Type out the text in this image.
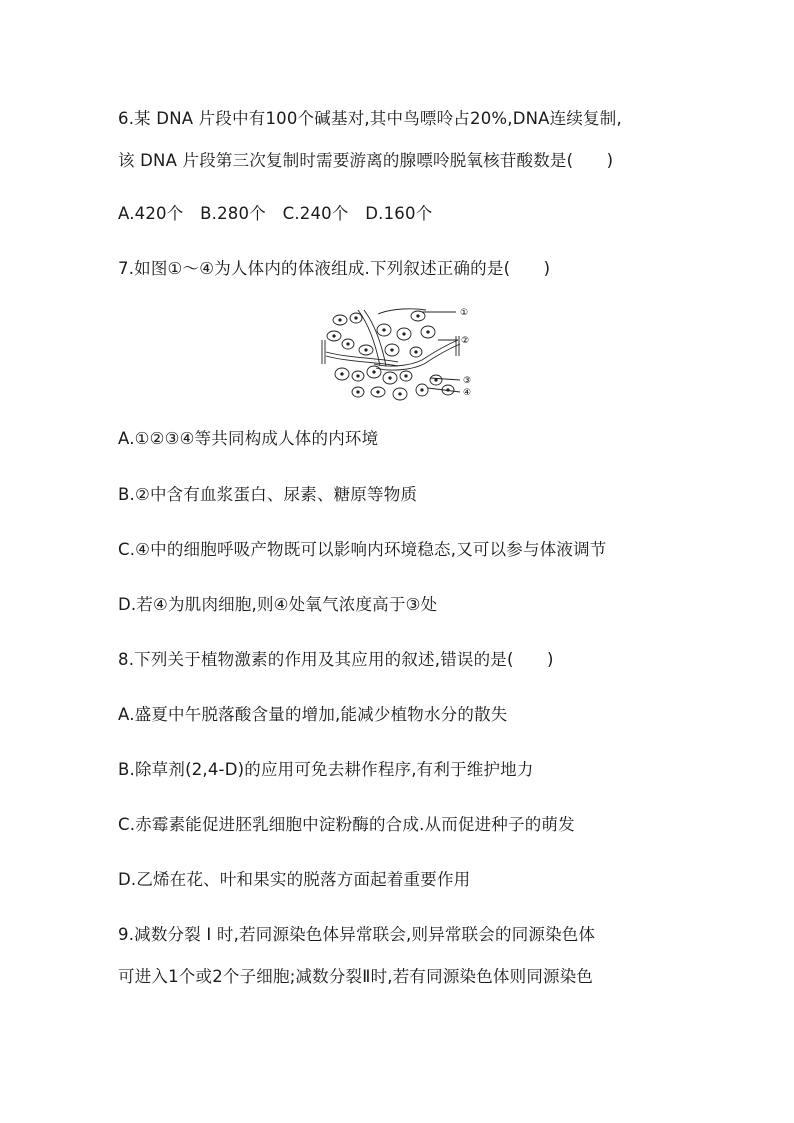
6.某 DNA 片段中有100个碱基对,其中鸟嘌呤占20%,DNA连续复制,
该 DNA 片段第三次复制时需要游离的腺嘌呤脱氧核苷酸数是(　　)
A.420个　B.280个　C.240个　D.160个
7.如图①～④为人体内的体液组成.下列叙述正确的是(　　)
①
②
③
④
A.①②③④等共同构成人体的内环境
B.②中含有血浆蛋白、尿素、糖原等物质
C.④中的细胞呼吸产物既可以影响内环境稳态,又可以参与体液调节
D.若④为肌肉细胞,则④处氧气浓度高于③处
8.下列关于植物激素的作用及其应用的叙述,错误的是(　　)
A.盛夏中午脱落酸含量的增加,能减少植物水分的散失
B.除草剂(2,4-D)的应用可免去耕作程序,有利于维护地力
C.赤霉素能促进胚乳细胞中淀粉酶的合成.从而促进种子的萌发
D.乙烯在花、叶和果实的脱落方面起着重要作用
9.减数分裂 Ⅰ 时,若同源染色体异常联会,则异常联会的同源染色体
可进入1个或2个子细胞;减数分裂Ⅱ时,若有同源染色体则同源染色
